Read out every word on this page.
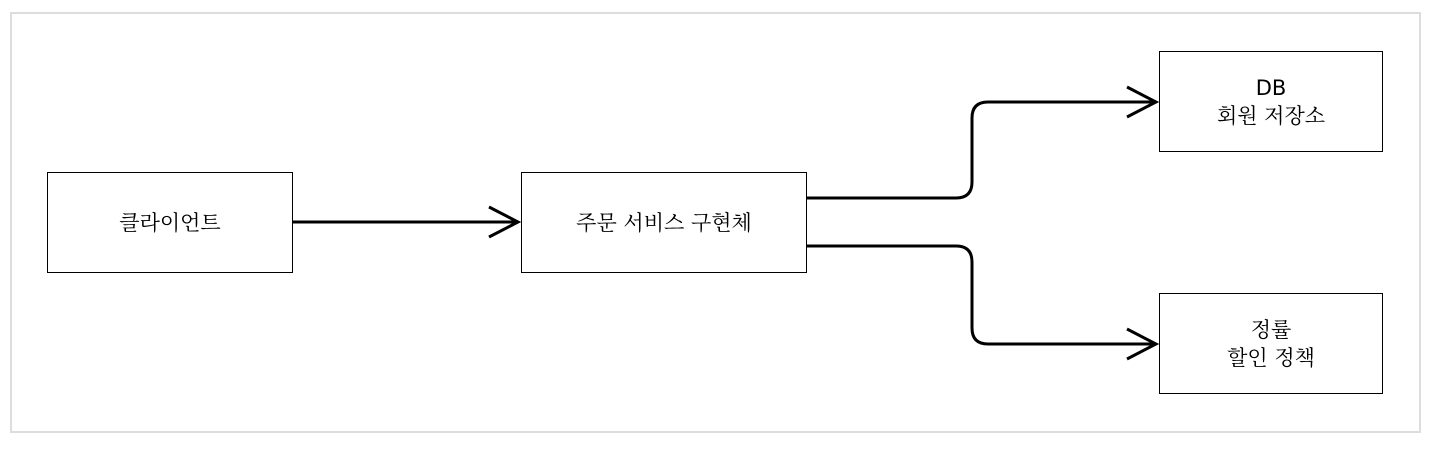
클라이언트	주문 서비스 구현체
DB
회원 저장소
정률
할인 정책
